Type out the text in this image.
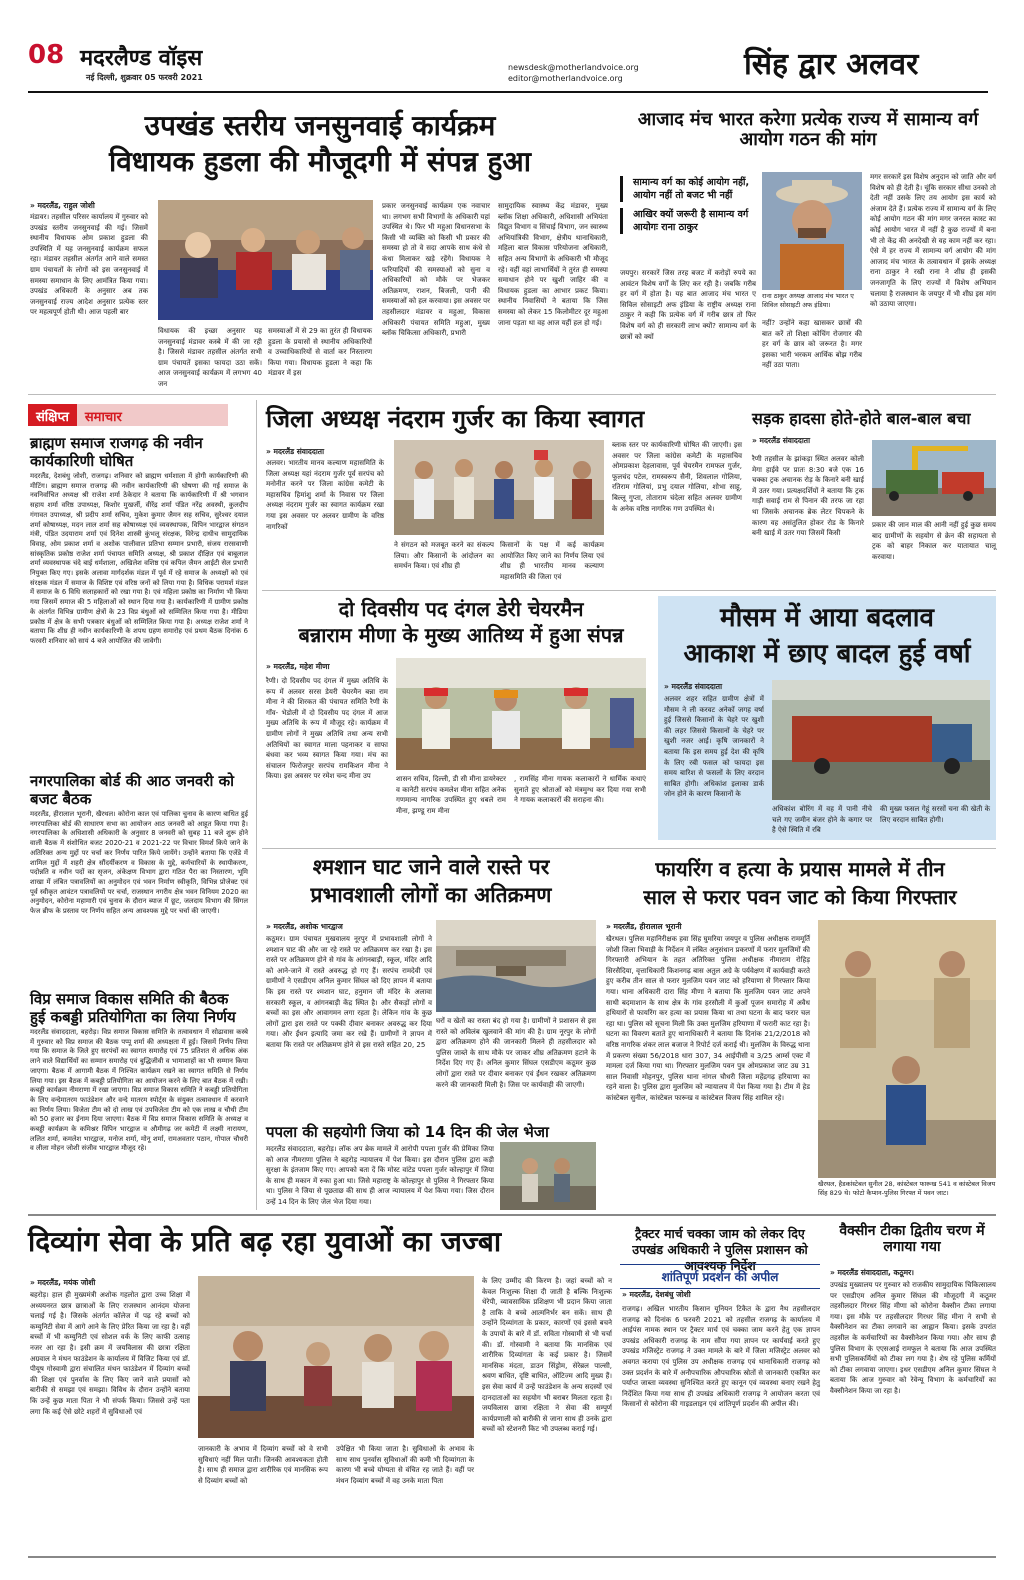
08 मदरलैण्ड वॉइस
नई दिल्ली, शुक्रवार 05 फरवरी 2021
newsdesk@motherlandvoice.org
editor@motherlandvoice.org	सिंह द्वार अलवर
उपखंड स्तरीय जनसुनवाई कार्यक्रम
विधायक हुडला की मौजूदगी में संपन्न हुआ
» मदरलैंड, राहुल जोशी
मंडावर। तहसील परिसर कार्यालय में गुरुवार को उपखंड स्तरीय जनसुनवाई की गई। जिसमें स्थानीय विधायक ओम प्रकाश हुडला की उपस्थिति में यह जनसुनवाई कार्यक्रम सफल रहा। मंडावर तहसील अंतर्गत आने वाले समस्त ग्राम पंचायतों के लोगों को इस जनसुनवाई में समस्या समाधान के लिए आमंत्रित किया गया। उपखंड अधिकारी के अनुसार अब तक जनसुनवाई राज्य आदेश अनुसार प्रत्येक स्तर पर महत्वपूर्ण होती थी। आज पहली बार
विधायक की इच्छा अनुसार यह जनसुनवाई मंडावर कस्बे में की जा रही है। जिससे मंडावर तहसील अंतर्गत सभी ग्राम पंचायतें इसका फायदा उठा सकें। आज जनसुनवाई कार्यक्रम में लगभग 40 जन
समस्याओं में से 29 का तुरंत ही विधायक हुडला के प्रयासों से स्थानीय अधिकारियों व उच्चाधिकारियों से वार्ता कर निस्तारण किया गया। विधायक हुडला ने कहा कि मंडावर में इस
प्रकार जनसुनवाई कार्यक्रम एक नवाचार था। लगभग सभी विभागों के अधिकारी यहां उपस्थित थे। फिर भी महुआ विधानसभा के किसी भी व्यक्ति को किसी भी प्रकार की समस्या हो तो वे सदा आपके साथ कंधे से कंधा मिलाकर खड़े रहेंगे। विधायक ने फरियादियों की समस्याओं को सुना व अधिकारियों को मौके पर भेजकर अतिक्रमण, राशन, बिजली, पानी की समस्याओं को हल करवाया। इस अवसर पर तहसीलदार मंडावर व महुआ, विकास अधिकारी पंचायत समिति महुआ, मुख्य ब्लॉक चिकित्सा अधिकारी, प्रभारी
सामुदायिक स्वास्थ्य केंद्र मंडावर, मुख्य ब्लॉक शिक्षा अधिकारी, अधिशासी अभियंता विद्युत विभाग व सिंचाई विभाग, जन स्वास्थ्य अभियांत्रिकी विभाग, क्षेत्रीय थानाधिकारी, महिला बाल विकास परियोजना अधिकारी, सहित अन्य विभागों के अधिकारी भी मौजूद रहे। वहीं वहां लाभार्थियों ने तुरंत ही समस्या समाधान होने पर खुशी जाहिर की व विधायक हुडला का आभार प्रकट किया। स्थानीय निवासियों ने बताया कि जिस समस्या को लेकर 15 किलोमीटर दूर महुआ जाना पड़ता था वह आज यहीं हल हो गई।
आजाद मंच भारत करेगा प्रत्येक राज्य में सामान्य वर्ग आयोग गठन की मांग
सामान्य वर्ग का कोई आयोग नहीं, आयोग नहीं तो बजट भी नहीं
आखिर क्यों जरूरी है सामान्य वर्ग आयोगः राना ठाकुर
जयपुर। सरकारें जिस तरह बजट में करोड़ों रुपये का आवंटन विशेष वर्गों के लिए कर रही है। जबकि गरीब हर वर्ग में होता है। यह बात आजाद मंच भारत ए सिविल सोसाइटी अफ इंडिया के राष्ट्रीय अध्यक्ष राना ठाकुर ने कही कि प्रत्येक वर्ग में गरीब छात्र तो फिर विशेष वर्ग को ही सरकारी लाभ क्यों? सामान्य वर्ग के छात्रों को क्यों
राना ठाकुर अध्यक्ष आजाद मंच भारत ए सिविल सोसाइटी अफ इंडिया।
नहीं? उन्होंने कहा खासकर छात्रों की बात करें तो शिक्षा कोचिंग रोजगार की हर वर्ग के छात्र को जरूरत है। मगर इसका भारी भरकम आर्थिक बोझ गरीब नहीं उठा पाता।
मगर सरकारें इस विशेष अनुदान को जाति और वर्ग विशेष को ही देती है। चूंकि सरकार सीधा उनको तो देती नहीं उसके लिए तय आयोग इस कार्य को अंजाम देते हैं। प्रत्येक राज्य में सामान्य वर्ग के लिए कोई आयोग गठन की मांग मगर जनरल कास्ट का कोई आयोग भारत में नहीं है कुछ राज्यों में बना भी तो केंद्र की अनदेखी से वह काम नहीं कर रहा। ऐसे में हर राज्य में सामान्य वर्ग आयोग की मांग आजाद मंच भारत के तत्वावधान में इसके अध्यक्ष राना ठाकुर ने रखी राना ने शीघ्र ही इसकी जनजागृति के लिए राज्यों में विशेष अभियान चलाया है राजस्थान के जयपुर में भी शीघ्र इस मांग को उठाया जाएगा।
संक्षिप्त	समाचार
ब्राह्मण समाज राजगढ़ की नवीन कार्यकारिणी घोषित
मदरलैंड, देशबंधु जोशी, राजगढ़। शनिवार को ब्राह्मण धर्मशाला में होगी कार्यकारिणी की मीटिंग। ब्राह्मण समाज राजगढ़ की नवीन कार्यकारिणी की घोषणा की गई समाज के नवनिर्वाचित अध्यक्ष श्री राजेश शर्मा ठेकेदार ने बताया कि कार्यकारिणी में श्री भगवान सहाय शर्मा वरिष्ठ उपाध्यक्ष, किशोर मुखर्जी, वीरेंद्र शर्मा पंडित नरेंद्र अवस्थी, कुलदीप गंगावत उपाध्यक्ष, श्री प्रदीप शर्मा सचिव, मुकेश कुमार जैमन सह सचिव, सुरेश्वर दयाल शर्मा कोषाध्यक्ष, मदन लाल शर्मा सह कोषाध्यक्ष एवं व्यवस्थापक, विपिन भारद्वाज संगठन मंत्री, पंडित उदयाराम शर्मा एवं दिनेश शास्त्री कुंभलू संरक्षक, विरेन्द्र दाधीच सामुदायिक विवाह, ओम प्रकाश शर्मा व अशोक पालीवाल प्रतिभा सम्मान प्रभारी, संजय रारसवाणी सांस्कृतिक प्रकोष्ठ राजेश शर्मा पंचायत समिति अध्यक्ष, श्री प्रकाश दीक्षित एवं बाबूलाल शर्मा व्यवस्थापक चंदे बाई धर्मशाला, अखिलेश वशिष्ठ एवं कपिल जैमन आईटी सेल प्रभारी नियुक्त किए गए। इसके अलावा मार्गदर्शक मंडल में पूर्व में रहे समाज के अध्यक्षों को एवं संरक्षक मंडल में समाज के विशिष्ट एवं वरिष्ठ जनों को लिया गया है। विधिक परामर्श मंडल में समाज के 6 विधि सलाहकारों को रखा गया है। एवं महिला प्रकोष्ठ का निर्माण भी किया गया जिसमें समाज की 5 महिलाओं को स्थान दिया गया है। कार्यकारिणी में ग्रामीण प्रकोष्ठ के अंतर्गत विभिन्न ग्रामीण क्षेत्रों के 23 विप्र बंधुओं को सम्मिलित किया गया है। मीडिया प्रकोष्ठ में क्षेत्र के सभी पत्रकार बंधुओं को सम्मिलित किया गया है। अध्यक्ष राजेश शर्मा ने बताया कि शीघ्र ही नवीन कार्यकारिणी के शपथ ग्रहण समारोह एवं प्रथम बैठक दिनांक 6 फरवरी शनिवार को सायं 4 बजे आयोजित की जावेगी।
नगरपालिका बोर्ड की आठ जनवरी को बजट बैठक
मदरलैंड, हीरालाल भूरानी, खैरथल। कोरोना काल एवं पालिका चुनाव के कारण बाधित हुई नगरपालिका बोर्ड की साधारण सभा का आयोजन आठ जनवरी को आहूत किया गया है। नगरपालिका के अधिशासी अधिकारी के अनुसार 8 जनवरी को सुबह 11 बजे शुरू होने वाली बैठक में संशोधित बजट 2020-21 व 2021-22 पर विचार विमर्श किये जाने के अतिरिक्त अन्य मुद्दों पर चर्चा कर निर्णय पारित किये जायेंगे। उन्होंने बताया कि एजेंडे में शामिल मुद्दों में शहरी क्षेत्र सौंदर्यीकरण व विकास के मुद्दे, कर्मचारियों के स्थायीकरण, पदोन्नति व नवीन पदों का सृजन, अंकेक्षण विभाग द्वारा गठित पैरा का निस्तारण, भूमि शाखा में लंबित पत्रावलियों का अनुमोदन एवं भवन निर्माण स्वीकृति, विभिन्न प्रोजेक्ट एवं पूर्व स्वीकृत आवंटन पत्रावलियों पर चर्चा, राजस्थान नगरीय क्षेत्र भवन विनियम 2020 का अनुमोदन, कोरोना महामारी एवं चुनाव के दौरान ब्याज में छूट, जलदाय विभाग की सिंगल फेज ब्रीफ के प्रस्ताव पर निर्णय सहित अन्य आवश्यक मुद्दे पर चर्चा की जाएगी।
विप्र समाज विकास समिति की बैठक हुई कबड्डी प्रतियोगिता का लिया निर्णय
मदरलैंड संवाददाता, बहरोड़। विप्र समाज विकास समिति के तत्वावधान में सोढावास कस्बे में गुरुवार को विप्र समाज की बैठक पप्पू शर्मा की अध्यक्षता में हुई। जिसमें निर्णय लिया गया कि समाज के जिले हुए सरपंचों का स्वागत समारोह एवं 75 प्रतिशत से अधिक अंक लाने वाले विद्यार्थियों का सम्मान समारोह एवं बुद्धिजीवी व भामाशाहों का भी सम्मान किया जाएगा। बैठक में आगामी बैठक में निश्चित कार्यक्रम रखने का स्वागत समिति से निर्णय लिया गया। इस बैठक में कबड्डी प्रतियोगिता का आयोजन करने के लिए बात बैठक में रखी। कबड्डी कार्यक्रम नीमराणा में रखा जाएगा। विप्र समाज विकास समिति ने कबड्डी प्रतियोगिता के लिए वन्देमातरम फाउंडेशन और वन्दे मातरम स्पोर्ट्स के संयुक्त तत्वावधान में करवाने का निर्णय लिया। विजेता टीम को दो लाख एवं उपविजेता टीम को एक लाख व चौथी टीम को 50 हजार का ईनाम दिया जाएगा। बैठक में विप्र समाज विकास समिति के अध्यक्ष व कबड्डी कार्यक्रम के कमिश्नर विपिन भारद्वाज व औमीगढ़ जर कमेटी में लक्ष्मी नारायण, ललित शर्मा, कमलेश भारद्वाज, मनोज शर्मा, मोनू शर्मा, रामअवतार पठान, गोपाल चौधरी व लीला मोहन जोशी संजीव भारद्वाज मौजूद रहे।
जिला अध्यक्ष नंदराम गुर्जर का किया स्वागत
» मदरलैंड संवाददाता
अलवर। भारतीय मानव कल्याण महासमिति के जिला अध्यक्ष यहां नंदराम गुर्जर पूर्व सरपंच को मनोनीत करने पर जिला कांग्रेस कमेटी के महासचिव हिमांशु शर्मा के निवास पर जिला अध्यक्ष नंदराम गुर्जर का स्वागत कार्यक्रम रखा गया इस अवसर पर अलवर ग्रामीण के वरिष्ठ नागरिकों
ने संगठन को मजबूत करने का संकल्प लिया। और किसानों के आंदोलन का समर्थन किया। एवं शीघ्र ही
किसानों के पक्ष में कई कार्यक्रम आयोजित किए जाने का निर्णय लिया एवं शीघ्र ही भारतीय मानव कल्याण महासमिति की जिला एवं
ब्लाक स्तर पर कार्यकारिणी घोषित की जाएगी। इस अवसर पर जिला कांग्रेस कमेटी के महासचिव ओमप्रकाश देहलावास, पूर्व चेयरमैन रामफल गुर्जर, फूलचंद पटेल, रामस्वरूप सैनी, शिवलाल गोलिया, रतिराम गोलियां, प्रभु दयाल गोलिया, शोभा साहू, बिल्लू गुप्ता, तोताराम चंदेला सहित अलवर ग्रामीण के अनेक वरिष्ठ नागरिक गण उपस्थित थे।
सड़क हादसा होते-होते बाल-बाल बचा
» मदरलैंड संवाददाता
रैणी तहसील के झांकड़ा स्थित अलवर कोली मेगा हाईवे पर प्रातः 8:30 बजे एक 16 चक्का ट्रक अचानक रोड़ के किनारे बनी खाई में उतर गया। प्रत्यक्षदर्शियों ने बताया कि ट्रक गाड़ी सवाई राम से पिनान की तरफ जा रहा था जिसके अचानक ब्रेक लेटर चिपकने के कारण वह असंतुलित होकर रोड के किनारे बनी खाई में उतर गया जिसमें किसी
प्रकार की जान माल की आनी नहीं हुई कुछ समय बाद ग्रामीणों के सहयोग से क्रेन की सहायता से ट्रक को बाहर निकाल कर यातायात चालू करवाया।
दो दिवसीय पद दंगल डेरी चेयरमैन
बन्नाराम मीणा के मुख्य आतिथ्य में हुआ संपन्न
» मदरलैंड, महेश मीणा
रैणी। दो दिवसीय पद दंगल में मुख्य अतिथि के रूप में अलवर सरस डेयरी चेयरमैन बन्ना राम मीना ने की शिरकत की पंचायत समिति रैणी के गाँव- भेडोली में दो दिवसीय पद दंगल में आज मुख्य अतिथि के रूप में मौजूद रहे। कार्यक्रम में ग्रामीण लोगों ने मुख्य अतिथि तथा अन्य सभी अतिथियों का स्वागत माला पहनाकर व साफा बंधवा कर भव्य स्वागत किया गया। मंच का संचालन फिरोजपुर सरपंच रामकिशन मीना ने किया। इस अवसर पर रमेश चन्द मीना उप	शासन सचिव, दिल्ली, डी सी मीना डायरेक्टर व कानेटी सरपंच कमलेश मीना सहित अनेक गणमान्य नागरिक उपस्थित हुए धबले राम मीना, झण्डू राम मीना
, रामसिंह मीना गायक कलाकारों ने धार्मिक कथाएं सुनाते हुए श्रोताओं को मंत्रमुग्ध कर दिया गया सभी ने गायक कलाकारों की सराहना की।
मौसम में आया बदलाव
आकाश में छाए बादल हुई वर्षा
» मदरलैंड संवाददाता
अलवर शहर सहित ग्रामीण क्षेत्रों में मौसम ने ली करवट अनेकों जगह वर्षा हुई जिससे किसानों के चेहरे पर खुशी की लहर जिससे किसानों के चेहरे पर खुशी नजर आई। कृषि जानकारों ने बताया कि इस समय हुई देश की कृषि के लिए रबी फसल को फायदा इस समय बारिश से फसलों के लिए वरदान साबित होगी। अधिकांश इलाका डार्क जोन होने के कारण किसानों के
अधिकांश बोरिंग में वह में पानी नीचे चले गए जमीन बंजर होने के कगार पर है ऐसे स्थिति में रबि
की मुख्य फसल गेहूं सरसों चना की खेती के लिए वरदान साबित होगी।
श्मशान घाट जाने वाले रास्ते पर
प्रभावशाली लोगों का अतिक्रमण
» मदरलैंड, अशोक भारद्वाज
कठूमर। ग्राम पंचायत मुखवालय नूरपुर में प्रभावशाली लोगों ने श्मशान घाट की और जा रहे रास्ते पर अतिक्रमण कर रखा है। इस रास्ते पर अतिक्रमण होने से गांव के आंगनबाड़ी, स्कूल, मंदिर आदि को आने-जाने में रास्ते अवरुद्ध हो गए हैं। सरपंच रामदेवी एवं ग्रामीणों ने एसडीएम अनिल कुमार सिंघल को दिए ज्ञापन में बताया कि इस रास्ते पर श्मशान घाट, हनुमान जी मंदिर के अलावा सरकारी स्कूल, व आंगनबाड़ी केंद्र स्थित है। और सैकड़ों लोगों व बच्चों का इस और आवागमन लगा रहता है। लेकिन गांव के कुछ लोगों द्वारा इस रास्ते पर पक्की दीवार बनाकर अवरुद्ध कर दिया गया। और ईंधन इत्यादि जमा कर रखे हैं। ग्रामीणों ने ज्ञापन में बताया कि रास्ते पर अतिक्रमण होने से इस रास्ते सहित 20, 25
घरों व खेतों का रास्ता बंद हो गया है। ग्रामीणों ने प्रशासन से इस रास्ते को अविलंब खुलवाने की मांग की है। ग्राम नूरपुर के लोगों द्वारा अतिक्रमण होने की जानकारी मिलने ही तहसीलदार को पुलिस जाब्ते के साथ मौके पर जाकर शीघ्र अतिक्रमण हटाने के निर्देश दिए गए हैं। अनिल कुमार सिंघल एसडीएम कठूमर कुछ लोगों द्वारा रास्ते पर दीवार बनाकर एवं ईंधन रखकर अतिक्रमण करने की जानकारी मिली है। जिस पर कार्यवाही की जाएगी।
फायरिंग व हत्या के प्रयास मामले में तीन
साल से फरार पवन जाट को किया गिरफ्तार
» मदरलैंड, हीरालाल भूरानी
खैरथल। पुलिस महानिरीक्षक हवा सिंह घुमरिया जयपुर व पुलिस अधीक्षक राममूर्ति जोशी जिला भिवाड़ी के निर्देशन में लंबित अनुसंधान प्रकरणों में फरार मुलजिमों की गिरफ्तारी अभियान के तहत अतिरिक्त पुलिस अधीक्षक नीमाराम रोहिड़ सिरसैदिया, वृत्ताधिकारी किशनगढ़ बास अतुल अग्रे के पर्यवेक्षण में कार्यवाही करते हुए करीब तीन साल से फरार मुलजिम पवन जाट को हरियाणा से गिरफ्तार किया गया। थाना अधिकारी दारा सिंह मीणा ने बताया कि मुलजिम पवन जाट अपने साथी बदमाशान के साथ क्षेत्र के गांव हरसौली में कुओं पूजन समारोह में अवैध हथियारों से फायरिंग कर हत्या का प्रयास किया था तथा घटना के बाद फरार चल रहा था। पुलिस को सूचना मिली कि उक्त मुलजिम हरियाणा में फरारी काट रहा है। घटना का विवरण बताते हुए थानाधिकारी ने बताया कि दिनांक 21/2/2018 को वरिष्ठ नागरिक शंकर लाल बजाज ने रिपोर्ट दर्ज कराई थी। मुलजिम के विरुद्ध थाना में प्रकरण संख्या 56/2018 धारा 307, 34 आईपीसी व 3/25 आर्म्स एक्ट में मामला दर्ज किया गया था। गिरफ्तार मुलजिम पवन पुत्र ओमप्रकाश जाट उम्र 31 साल निवासी मोहनपुर, पुलिस थाना नांगल चौधरी जिला महेंद्रगढ़ हरियाणा का रहने वाला है। पुलिस द्वारा मुलजिम को न्यायालय में पेश किया गया है। टीम में हेड कांस्टेबल सुनील, कांस्टेबल फारूख व कांस्टेबल विजय सिंह शामिल रहे।
खैरथल, हैडकांस्टेबल सुनील 28, कांस्टेबल फारूख 541 व कांस्टेबल विजय सिंह 829 थे। फोटो कैप्शन-पुलिस गिरफ्त में पवन जाट।
पपला की सहयोगी जिया को 14 दिन की जेल भेजा
मदरलैंड संवाददाता, बहरोड़। लॉक अप ब्रेक मामले में आरोपी पपला गुर्जर की प्रेमिका जिया को आज नीमराणा पुलिस ने बहरोड़ न्यायालय में पेश किया। इस दौरान पुलिस द्वारा कड़ी सुरक्षा के इंतजाम किए गए। आपको बता दें कि मोस्ट वांटेड पपला गुर्जर कोल्हापुर में जिया के साथ ही मकान में रुका हुआ था। जिसे महाराष्ट्र के कोल्हापुर से पुलिस ने गिरफ्तार किया था। पुलिस ने जिया से पूछताछ की साथ ही आज न्यायालय में पेश किया गया। जिस दौरान उन्हें 14 दिन के लिए जेल भेज दिया गया।
दिव्यांग सेवा के प्रति बढ़ रहा युवाओं का जज्बा
» मदरलैंड, मयंक जोशी
बहरोड़। हाल ही मुख्यमंत्री अशोक गहलोत द्वारा उच्च शिक्षा में अध्ययनरत छात्र छात्राओं के लिए राजस्थान आनंदम योजना चलाई गई है। जिसके अंतर्गत कॉलेज में पढ़ रहे बच्चों को कम्युनिटी सेवा में आगे आने के लिए प्रेरित किया जा रहा है। वहीं बच्चों में भी कम्युनिटी एवं सोशल वर्क के लिए काफी उत्साह नजर आ रहा है। इसी क्रम में जयविलास की छात्रा रक्षिता अग्रवाल ने मंथन फाउंडेशन के कार्यालय में विजिट किया एवं डॉ. पीयूष गोस्वामी द्वारा संचालित मंथन फाउंडेशन में दिव्यांग बच्चों की शिक्षा एवं पुनर्वास के लिए किए जाने वाले प्रयासों को बारीकी से समझा एवं समझा। विविध के दौरान उन्होंने बताया कि उन्हें कुछ माता पिता ने भी संपर्क किया। जिससे उन्हें पता लगा कि कई ऐसे छोटे शहरों में सुविधाओं एवं
जानकारी के अभाव में दिव्यांग बच्चों को वे सभी सुविधाएं नहीं मिल पाती। जिनकी आवश्यकता होती है। साथ ही समाज द्वारा शारीरिक एवं मानसिक रूप से दिव्यांग बच्चों को
उपेक्षित भी किया जाता है। सुविधाओं के अभाव के साथ साथ पुनर्वास सुविधाओं की कमी भी दिव्यांगता के कारण भी बच्चे योग्यता से वंचित रह जाते हैं। वहीं पर मंथन दिव्यांग बच्चों में वह उनके माता पिता
के लिए उम्मीद की किरण है। जहां बच्चों को न केवल निःशुल्क शिक्षा दी जाती है बल्कि निःशुल्क थेरेपी, व्यावसायिक प्रशिक्षण भी प्रदान किया जाता है ताकि वे बच्चे आत्मनिर्भर बन सकें। साथ ही उन्होंने दिव्यांगता के प्रकार, कारणों एवं इससे बचने के उपायों के बारे में डॉ. सविता गोस्वामी से भी चर्चा की। डॉ. गोस्वामी ने बताया कि मानसिक एवं शारीरिक दिव्यांगता के कई प्रकार है। जिसमें मानसिक मंदता, डाउन सिंड्रोम, सेरेब्रल पाल्सी, श्रवण बाधित, दृष्टि बाधित, ऑटिज्म आदि मुख्य हैं। इस सेवा कार्य में उन्हें फाउंडेशन के अन्य सदस्यों एवं दानदाताओं का सहयोग भी बराबर मिलता रहता है। जयविलास छात्रा रक्षिता ने सेवा की सम्पूर्ण कार्यप्रणाली को बारीकी से जाना साथ ही उनके द्वारा बच्चों को स्टेशनरी किट भी उपलब्ध कराई गई।
ट्रैक्टर मार्च चक्का जाम को लेकर दिए उपखंड अधिकारी ने पुलिस प्रशासन को आवश्यक निर्देश
शांतिपूर्ण प्रदर्शन की अपील
» मदरलैंड, देशबंधु जोशी
राजगढ़। अखिल भारतीय किसान यूनियन टिकैत के द्वारा नैथ तहसीलदार राजगढ़ को दिनांक 6 फरवरी 2021 को तहसील राजगढ़ के कार्यालय में आईपंस नामक स्थान पर ट्रैक्टर मार्च एवं चक्का जाम करने हेतु एक ज्ञापन उपखंड अधिकारी राजगढ़ के नाम सौंपा गया ज्ञापन पर कार्यवाई करते हुए उपखंड मजिस्ट्रेट राजगढ़ ने उक्त मामले के बारे में जिला मजिस्ट्रेट अलवर को अवगत कराया एवं पुलिस उप अधीक्षक राजगढ़ एवं थानाधिकारी राजगढ़ को उक्त प्रदर्शन के बारे में अनौपचारिक औपचारिक स्रोतों से जानकारी एकत्रित कर पर्याप्त जाब्ता व्यवस्था सुनिश्चित करते हुए कानून एवं व्यवस्था बनाए रखने हेतु निर्देशित किया गया साथ ही उपखंड अधिकारी राजगढ़ ने आयोजन करता एवं किसानों से कोरोना की गाइडलाइन एवं शांतिपूर्ण प्रदर्शन की अपील की।
वैक्सीन टीका द्वितीय चरण में लगाया गया
» मदरलैंड संवाददाता, कठूमर।
उपखंड मुख्यालय पर गुरुवार को राजकीय सामुदायिक चिकित्सालय पर एसडीएम अनिल कुमार सिंघल की मौजूदगी में कठूमर तहसीलदार गिरधर सिंह मीणा को कोरोना वैक्सीन टीका लगाया गया। इस मौके पर तहसीलदार गिरधर सिंह मीना ने सभी से वैक्सीनेशन का टीका लगवाने का आह्वान किया। इसके उपरांत तहसील के कर्मचारियों का वैक्सीनेशन किया गया। और साथ ही पुलिस विभाग के एएसआई रामफूल ने बताया कि आज उपस्थित सभी पुलिसकर्मियों को टीका लग गया है। शेष रहे पुलिस कर्मियों को टीका लगवाया जाएगा। इधर एसडीएम अनिल कुमार सिंघल ने बताया कि आज गुरुवार को रेवेन्यू विभाग के कर्मचारियों का वैक्सीनेशन किया जा रहा है।
